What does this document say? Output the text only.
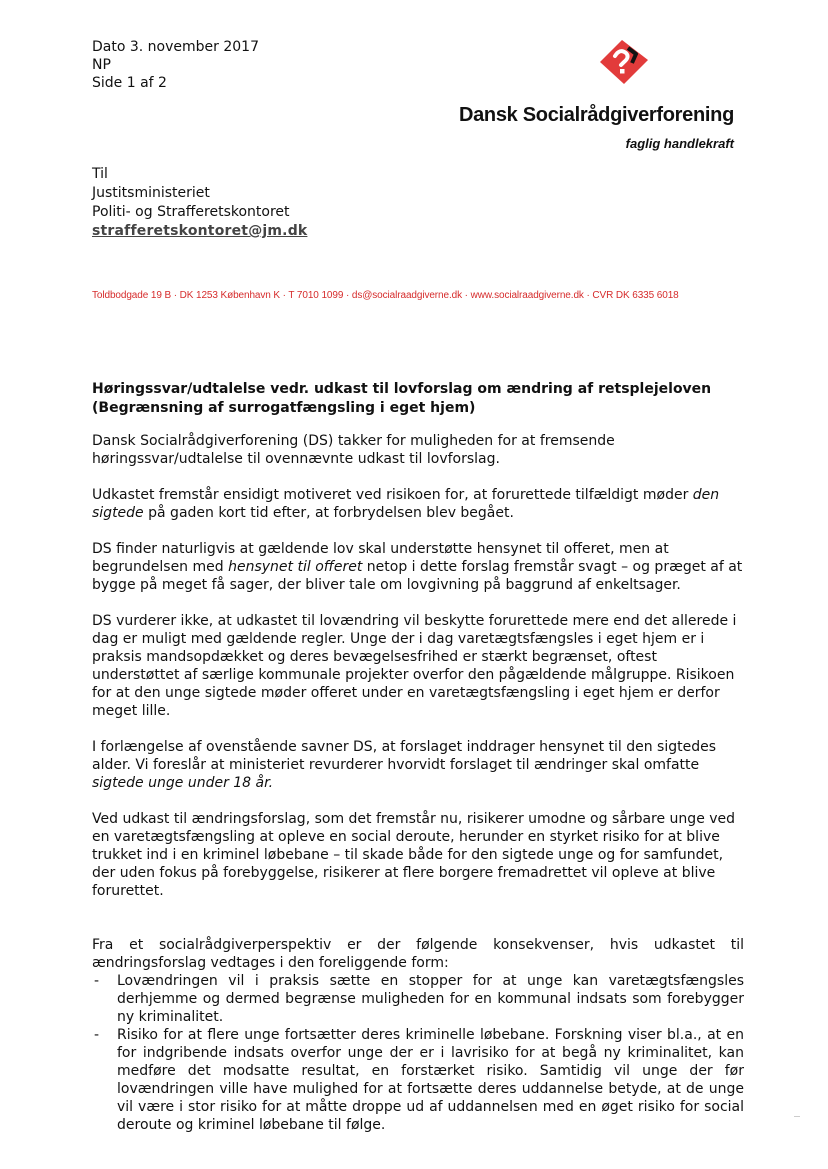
Dato 3. november 2017
NP
Side 1 af 2
Dansk Socialrådgiverforening
faglig handlekraft
Til
Justitsministeriet
Politi- og Strafferetskontoret
strafferetskontoret@jm.dk
Toldbodgade 19 B · DK 1253 København K · T 7010 1099 · ds@socialraadgiverne.dk · www.socialraadgiverne.dk · CVR DK 6335 6018
Høringssvar/udtalelse vedr. udkast til lovforslag om ændring af retsplejeloven
(Begrænsning af surrogatfængsling i eget hjem)

Dansk Socialrådgiverforening (DS) takker for muligheden for at fremsende høringssvar/udtalelse til ovennævnte udkast til lovforslag.

Udkastet fremstår ensidigt motiveret ved risikoen for, at forurettede tilfældigt møder den sigtede på gaden kort tid efter, at forbrydelsen blev begået.

DS finder naturligvis at gældende lov skal understøtte hensynet til offeret, men at begrundelsen med hensynet til offeret netop i dette forslag fremstår svagt – og præget af at bygge på meget få sager, der bliver tale om lovgivning på baggrund af enkeltsager.

DS vurderer ikke, at udkastet til lovændring vil beskytte forurettede mere end det allerede i dag er muligt med gældende regler. Unge der i dag varetægtsfængsles i eget hjem er i praksis mandsopdækket og deres bevægelsesfrihed er stærkt begrænset, oftest understøttet af særlige kommunale projekter overfor den pågældende målgruppe. Risikoen for at den unge sigtede møder offeret under en varetægtsfængsling i eget hjem er derfor meget lille.

I forlængelse af ovenstående savner DS, at forslaget inddrager hensynet til den sigtedes alder. Vi foreslår at ministeriet revurderer hvorvidt forslaget til ændringer skal omfatte sigtede unge under 18 år.

Ved udkast til ændringsforslag, som det fremstår nu, risikerer umodne og sårbare unge ved en varetægtsfængsling at opleve en social deroute, herunder en styrket risiko for at blive trukket ind i en kriminel løbebane – til skade både for den sigtede unge og for samfundet, der uden fokus på forebyggelse, risikerer at flere borgere fremadrettet vil opleve at blive forurettet.

Fra et socialrådgiverperspektiv er der følgende konsekvenser, hvis udkastet til ændringsforslag vedtages i den foreliggende form:

- Lovændringen vil i praksis sætte en stopper for at unge kan varetægtsfængsles derhjemme og dermed begrænse muligheden for en kommunal indsats som forebygger ny kriminalitet.
- Risiko for at flere unge fortsætter deres kriminelle løbebane. Forskning viser bl.a., at en for indgribende indsats overfor unge der er i lavrisiko for at begå ny kriminalitet, kan medføre det modsatte resultat, en forstærket risiko. Samtidig vil unge der før lovændringen ville have mulighed for at fortsætte deres uddannelse betyde, at de unge vil være i stor risiko for at måtte droppe ud af uddannelsen med en øget risiko for social deroute og kriminel løbebane til følge.
